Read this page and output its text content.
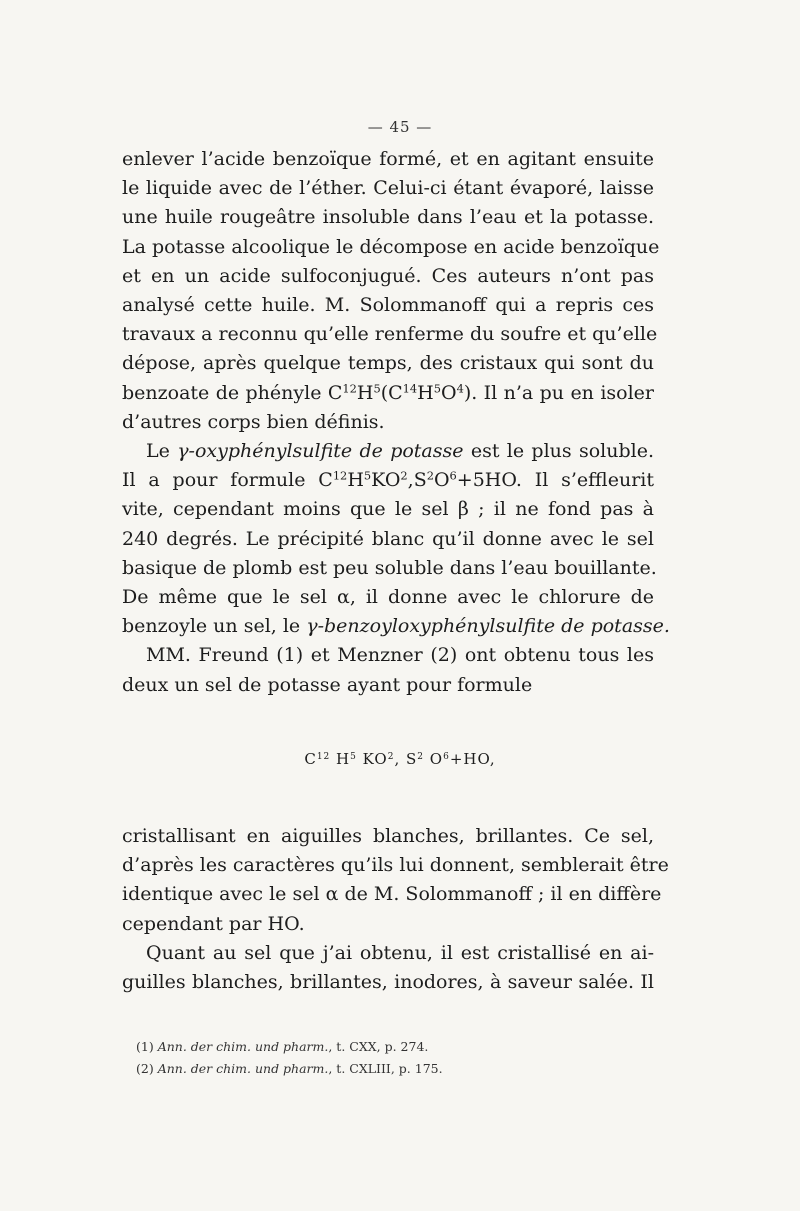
— 45 —
enlever l’acide benzoïque formé, et en agitant ensuite
le liquide avec de l’éther. Celui-ci étant évaporé, laisse
une huile rougeâtre insoluble dans l’eau et la potasse.
La potasse alcoolique le décompose en acide benzoïque
et en un acide sulfoconjugué. Ces auteurs n’ont pas
analysé cette huile. M. Solommanoff qui a repris ces
travaux a reconnu qu’elle renferme du soufre et qu’elle
dépose, après quelque temps, des cristaux qui sont du
benzoate de phényle $C^{12}H^5(C^{14}H^5O^4)$. Il n’a pu en isoler
d’autres corps bien définis.
Le γ-oxyphénylsulfite de potasse est le plus soluble.
Il a pour formule $C^{12}H^5KO^2,S^2O^6+5HO$. Il s’effleurit
vite, cependant moins que le sel β ; il ne fond pas à
240 degrés. Le précipité blanc qu’il donne avec le sel
basique de plomb est peu soluble dans l’eau bouillante.
De même que le sel α, il donne avec le chlorure de
benzoyle un sel, le γ-benzoyloxyphénylsulfite de potasse.
MM. Freund (1) et Menzner (2) ont obtenu tous les
deux un sel de potasse ayant pour formule
$C^{12}$ $H^5$ $KO^2$, $S^2$ $O^6+HO$,
cristallisant en aiguilles blanches, brillantes. Ce sel,
d’après les caractères qu’ils lui donnent, semblerait être
identique avec le sel α de M. Solommanoff ; il en diffère
cependant par HO.
Quant au sel que j’ai obtenu, il est cristallisé en ai-
guilles blanches, brillantes, inodores, à saveur salée. Il
(1) Ann. der chim. und pharm., t. CXX, p. 274.
(2) Ann. der chim. und pharm., t. CXLIII, p. 175.
